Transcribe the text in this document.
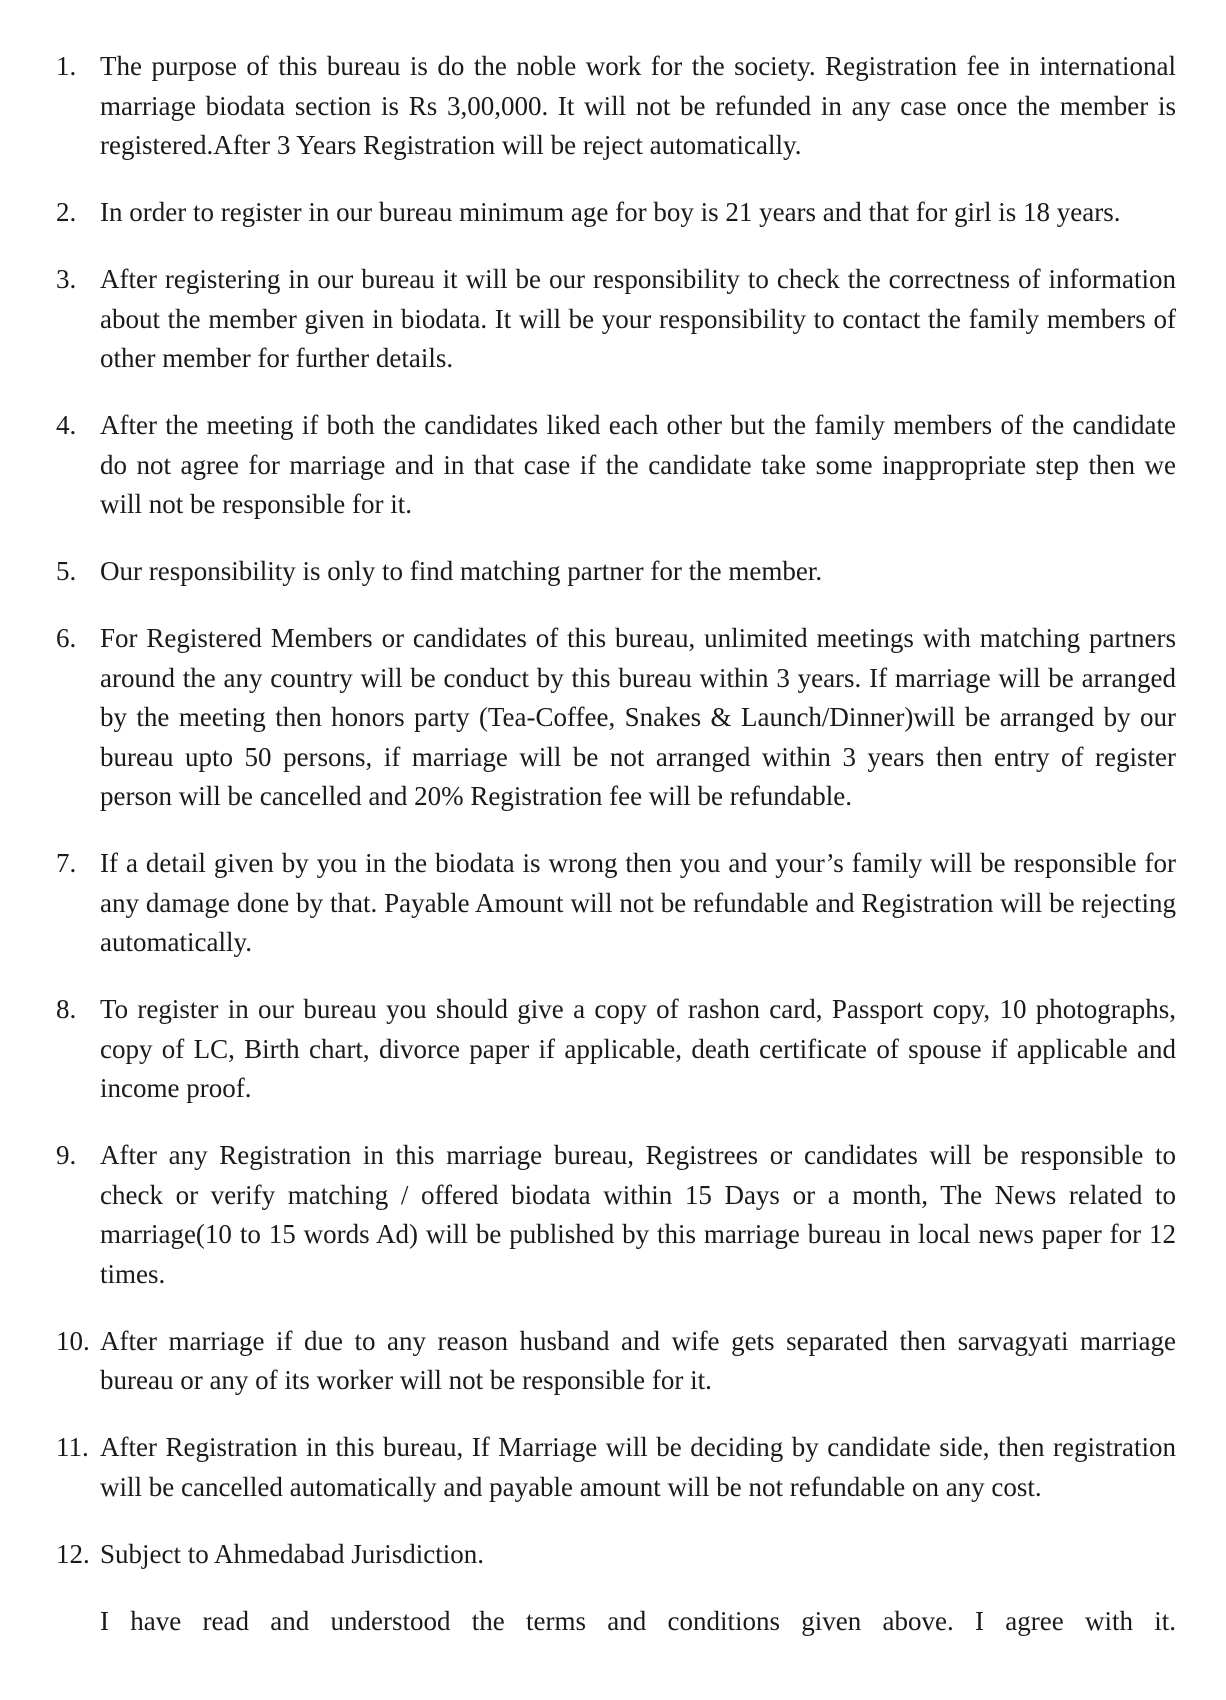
1. The purpose of this bureau is do the noble work for the society. Registration fee in international marriage biodata section is Rs 3,00,000. It will not be refunded in any case once the member is registered.After 3 Years Registration will be reject automatically.
2. In order to register in our bureau minimum age for boy is 21 years and that for girl is 18 years.
3. After registering in our bureau it will be our responsibility to check the correctness of information about the member given in biodata. It will be your responsibility to contact the family members of other member for further details.
4. After the meeting if both the candidates liked each other but the family members of the candidate do not agree for marriage and in that case if the candidate take some inappropriate step then we will not be responsible for it.
5. Our responsibility is only to find matching partner for the member.
6. For Registered Members or candidates of this bureau, unlimited meetings with matching partners around the any country will be conduct by this bureau within 3 years. If marriage will be arranged by the meeting then honors party (Tea-Coffee, Snakes & Launch/Dinner)will be arranged by our bureau upto 50 persons, if marriage will be not arranged within 3 years then entry of register person will be cancelled and 20% Registration fee will be refundable.
7. If a detail given by you in the biodata is wrong then you and your’s family will be responsible for any damage done by that. Payable Amount will not be refundable and Registration will be rejecting automatically.
8. To register in our bureau you should give a copy of rashon card, Passport copy, 10 photographs, copy of LC, Birth chart, divorce paper if applicable, death certificate of spouse if applicable and income proof.
9. After any Registration in this marriage bureau, Registrees or candidates will be responsible to check or verify matching / offered biodata within 15 Days or a month, The News related to marriage(10 to 15 words Ad) will be published by this marriage bureau in local news paper for 12 times.
10. After marriage if due to any reason husband and wife gets separated then sarvagyati marriage bureau or any of its worker will not be responsible for it.
11. After Registration in this bureau, If Marriage will be deciding by candidate side, then registration will be cancelled automatically and payable amount will be not refundable on any cost.
12. Subject to Ahmedabad Jurisdiction.

I have read and understood the terms and conditions given above. I agree with it.
